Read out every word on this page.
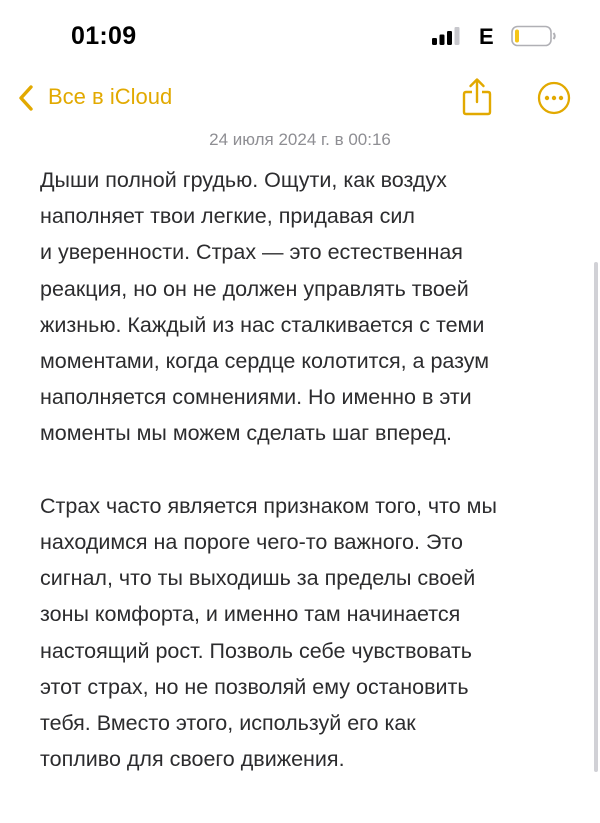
01:09	E
Все в iCloud
24 июля 2024 г. в 00:16

Дыши полной грудью. Ощути, как воздух
наполняет твои легкие, придавая сил
и уверенности. Страх — это естественная
реакция, но он не должен управлять твоей
жизнью. Каждый из нас сталкивается с теми
моментами, когда сердце колотится, а разум
наполняется сомнениями. Но именно в эти
моменты мы можем сделать шаг вперед.

Страх часто является признаком того, что мы
находимся на пороге чего-то важного. Это
сигнал, что ты выходишь за пределы своей
зоны комфорта, и именно там начинается
настоящий рост. Позволь себе чувствовать
этот страх, но не позволяй ему остановить
тебя. Вместо этого, используй его как
топливо для своего движения.
